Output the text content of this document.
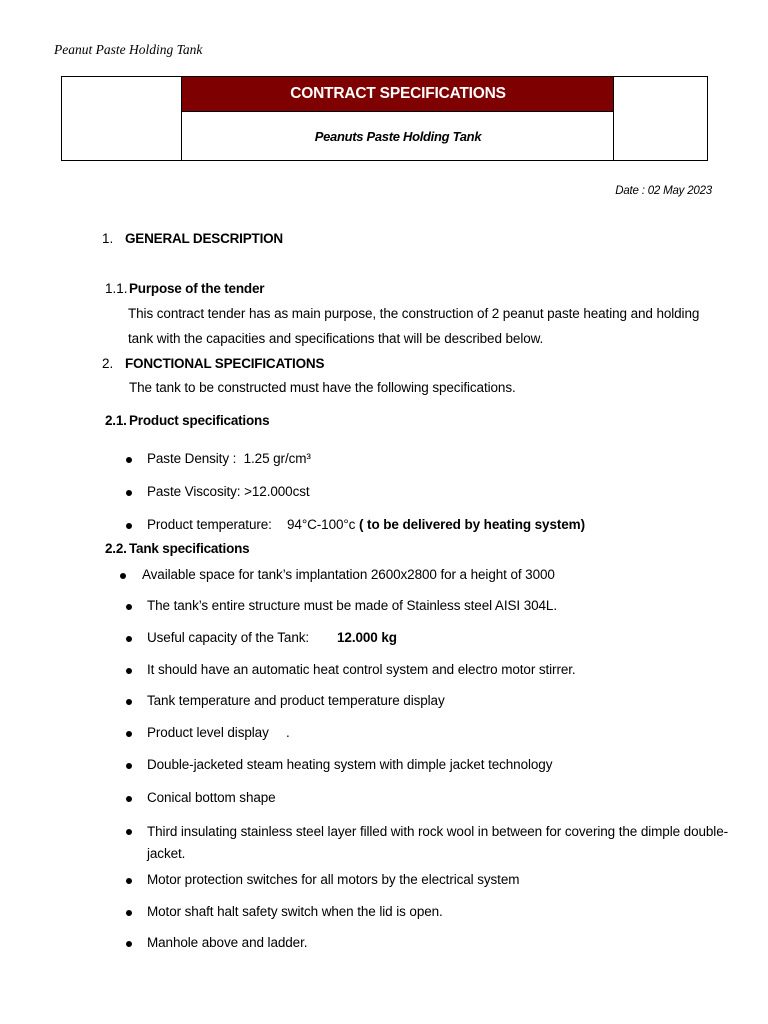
Peanut Paste Holding Tank
CONTRACT SPECIFICATIONS
Peanuts Paste Holding Tank
Date : 02 May 2023
1. GENERAL DESCRIPTION
1.1. Purpose of the tender
This contract tender has as main purpose, the construction of 2 peanut paste heating and holding tank with the capacities and specifications that will be described below.
2. FONCTIONAL SPECIFICATIONS
The tank to be constructed must have the following specifications.
2.1. Product specifications
Paste Density : 1.25 gr/cm³
Paste Viscosity: >12.000cst
Product temperature: 94°C-100°c ( to be delivered by heating system)
2.2. Tank specifications
Available space for tank’s implantation 2600x2800 for a height of 3000
The tank’s entire structure must be made of Stainless steel AISI 304L.
Useful capacity of the Tank: 12.000 kg
It should have an automatic heat control system and electro motor stirrer.
Tank temperature and product temperature display
Product level display .
Double-jacketed steam heating system with dimple jacket technology
Conical bottom shape
Third insulating stainless steel layer filled with rock wool in between for covering the dimple double-
jacket.
Motor protection switches for all motors by the electrical system
Motor shaft halt safety switch when the lid is open.
Manhole above and ladder.
